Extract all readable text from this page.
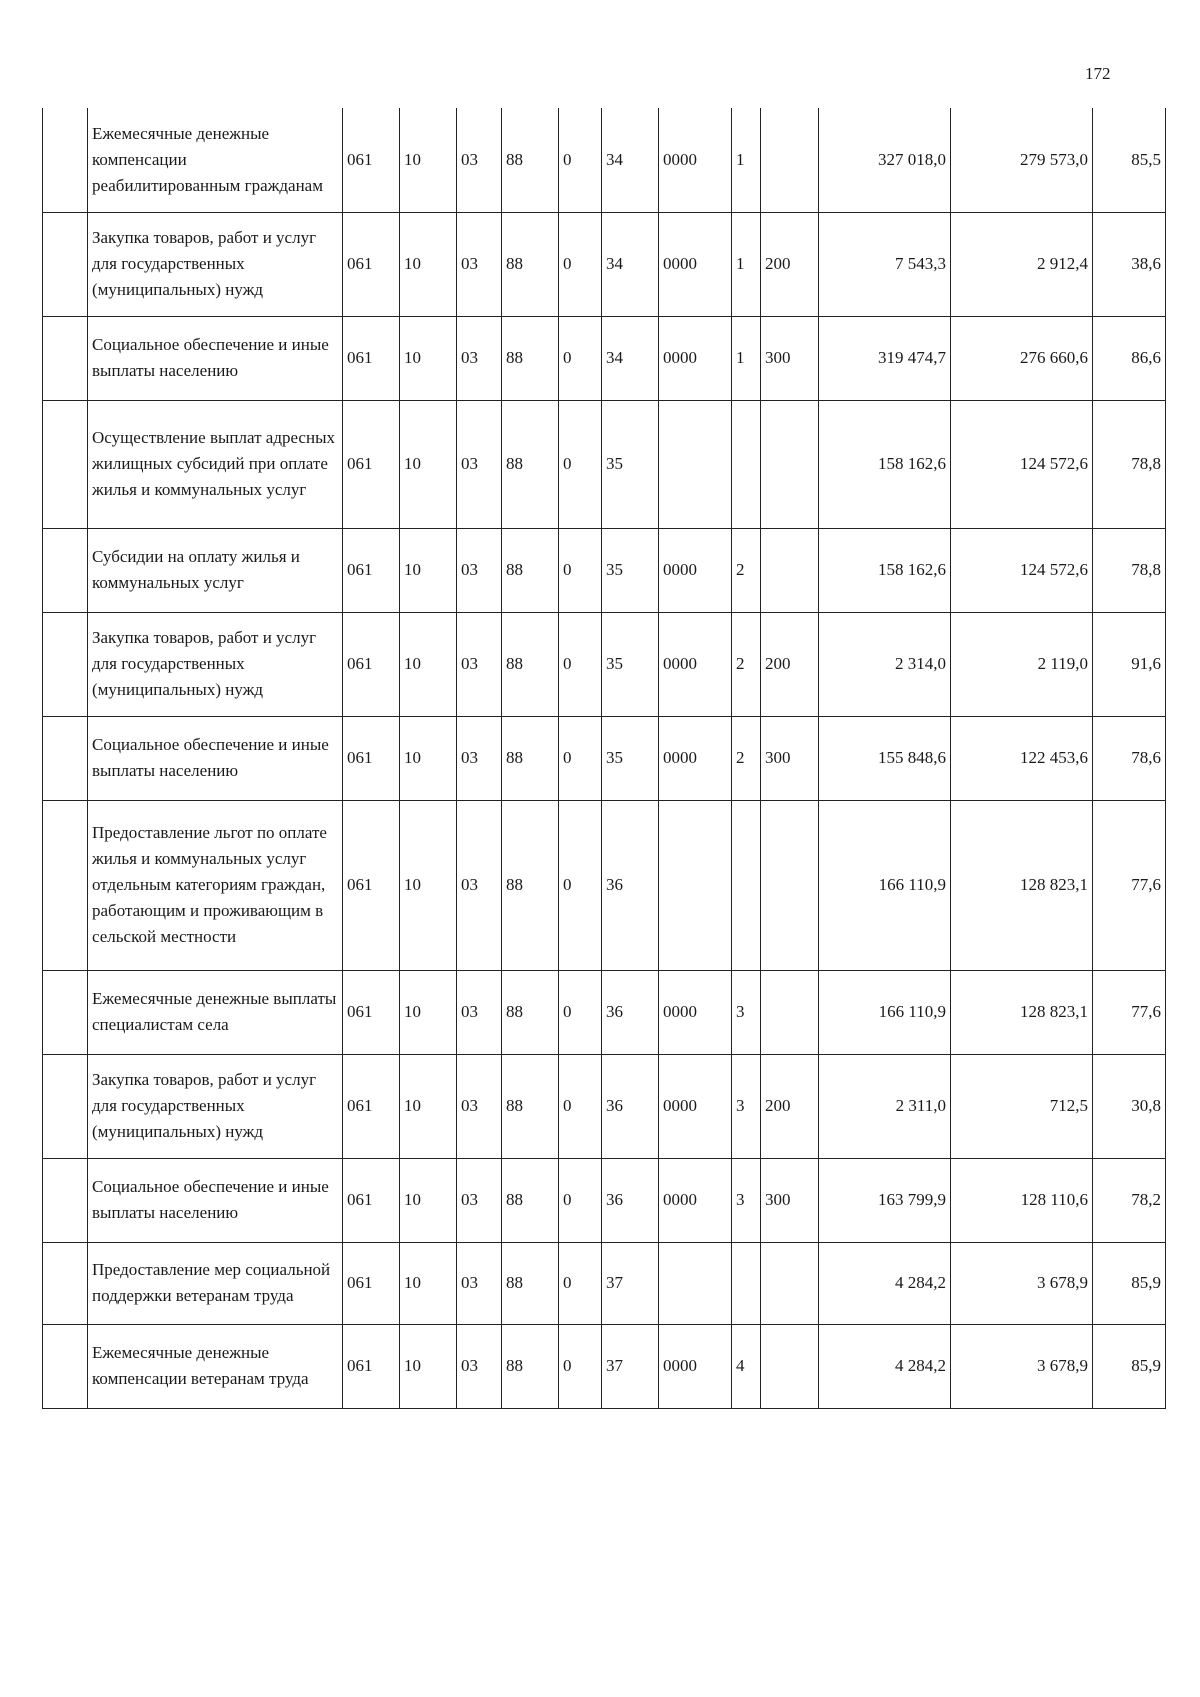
172
	Ежемесячные денежные компенсации реабилитированным гражданам	061	10	03	88	0	34	0000	1		327 018,0	279 573,0	85,5
	Закупка товаров, работ и услуг для государственных (муниципальных) нужд	061	10	03	88	0	34	0000	1	200	7 543,3	2 912,4	38,6
	Социальное обеспечение и иные выплаты населению	061	10	03	88	0	34	0000	1	300	319 474,7	276 660,6	86,6
	Осуществление выплат адресных жилищных субсидий при оплате жилья и коммунальных услуг	061	10	03	88	0	35				158 162,6	124 572,6	78,8
	Субсидии на оплату жилья и коммунальных услуг	061	10	03	88	0	35	0000	2		158 162,6	124 572,6	78,8
	Закупка товаров, работ и услуг для государственных (муниципальных) нужд	061	10	03	88	0	35	0000	2	200	2 314,0	2 119,0	91,6
	Социальное обеспечение и иные выплаты населению	061	10	03	88	0	35	0000	2	300	155 848,6	122 453,6	78,6
	Предоставление льгот по оплате жилья и коммунальных услуг отдельным категориям граждан, работающим и проживающим в сельской местности	061	10	03	88	0	36				166 110,9	128 823,1	77,6
	Ежемесячные денежные выплаты специалистам села	061	10	03	88	0	36	0000	3		166 110,9	128 823,1	77,6
	Закупка товаров, работ и услуг для государственных (муниципальных) нужд	061	10	03	88	0	36	0000	3	200	2 311,0	712,5	30,8
	Социальное обеспечение и иные выплаты населению	061	10	03	88	0	36	0000	3	300	163 799,9	128 110,6	78,2
	Предоставление мер социальной поддержки ветеранам труда	061	10	03	88	0	37				4 284,2	3 678,9	85,9
	Ежемесячные денежные компенсации ветеранам труда	061	10	03	88	0	37	0000	4		4 284,2	3 678,9	85,9
